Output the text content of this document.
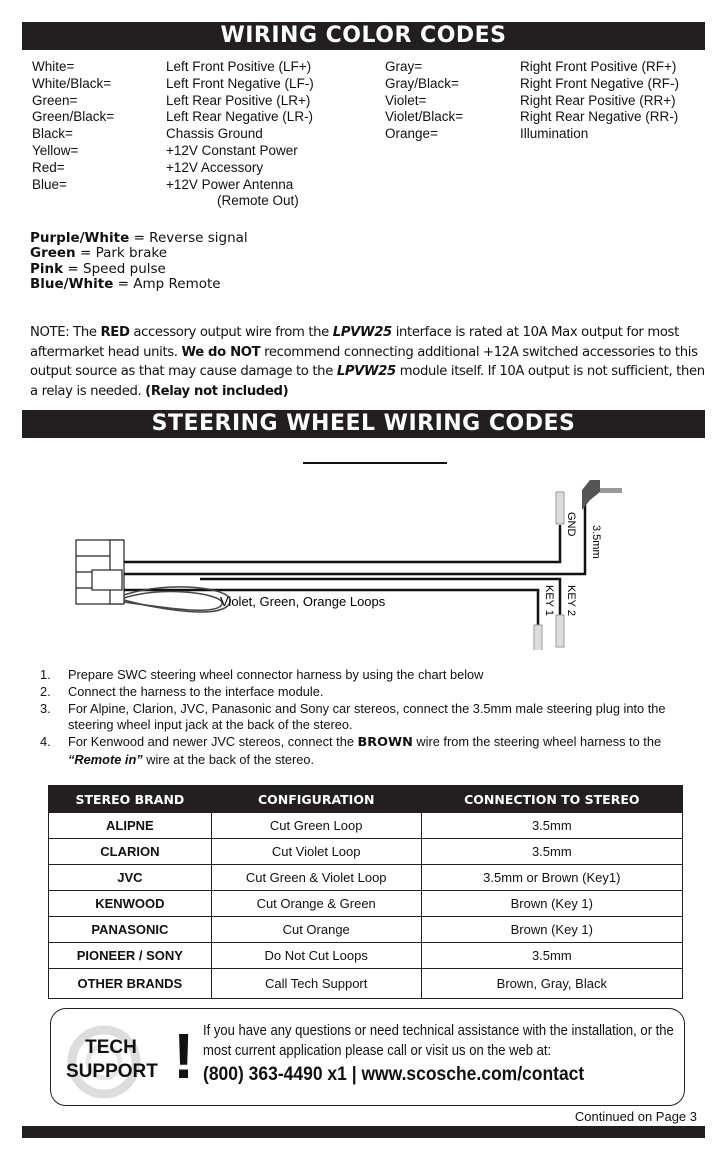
WIRING COLOR CODES
White=	Left Front Positive (LF+)
White/Black=	Left Front Negative (LF-)
Green=	Left Rear Positive (LR+)
Green/Black=	Left Rear Negative (LR-)
Black=	Chassis Ground
Yellow=	+12V Constant Power
Red=	+12V Accessory
Blue=	+12V Power Antenna
Gray=	Right Front Positive (RF+)
Gray/Black=	Right Front Negative (RF-)
Violet=	Right Rear Positive (RR+)
Violet/Black=	Right Rear Negative (RR-)
Orange=	Illumination
(Remote Out)
Purple/White = Reverse signal
Green = Park brake
Pink = Speed pulse
Blue/White = Amp Remote
NOTE: The RED accessory output wire from the LPVW25 interface is rated at 10A Max output for most aftermarket head units. We do NOT recommend connecting additional +12A switched accessories to this output source as that may cause damage to the LPVW25 module itself. If 10A output is not sufficient, then a relay is needed. (Relay not included)
STEERING WHEEL WIRING CODES
Violet, Green, Orange Loops
GND
3.5mm
KEY 1 KEY 2
1.	Prepare SWC steering wheel connector harness by using the chart below
2.	Connect the harness to the interface module.
3.	For Alpine, Clarion, JVC, Panasonic and Sony car stereos, connect the 3.5mm male steering plug into the steering wheel input jack at the back of the stereo.
4.	For Kenwood and newer JVC stereos, connect the BROWN wire from the steering wheel harness to the “Remote in” wire at the back of the stereo.
STEREO BRAND	CONFIGURATION	CONNECTION TO STEREO
ALIPNE	Cut Green Loop	3.5mm
CLARION	Cut Violet Loop	3.5mm
JVC	Cut Green & Violet Loop	3.5mm or Brown (Key1)
KENWOOD	Cut Orange & Green	Brown (Key 1)
PANASONIC	Cut Orange	Brown (Key 1)
PIONEER / SONY	Do Not Cut Loops	3.5mm
OTHER BRANDS	Call Tech Support	Brown, Gray, Black
TECH
SUPPORT ! If you have any questions or need technical assistance with the installation, or the most current application please call or visit us on the web at:
(800) 363-4490 x1 | www.scosche.com/contact
Continued on Page 3
